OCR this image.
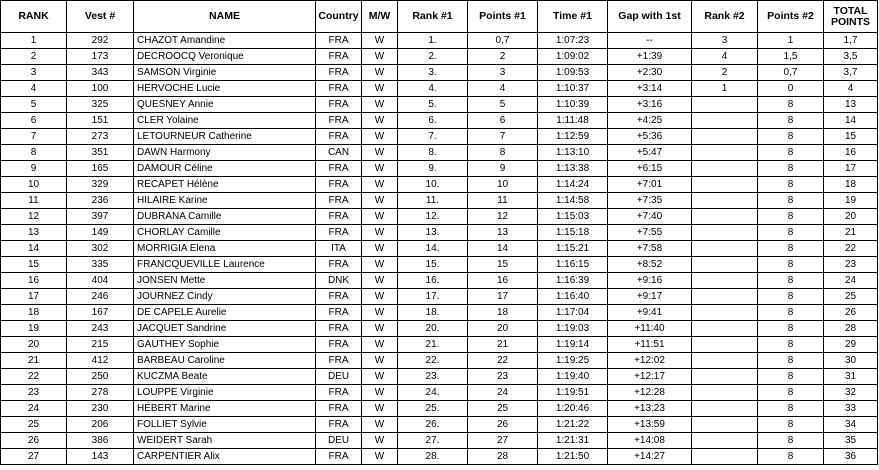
RANK	Vest #	NAME	Country	M/W	Rank #1	Points #1	Time #1	Gap with 1st	Rank #2	Points #2	TOTAL
POINTS
1	292	CHAZOT Amandine	FRA	W	1.	0,7	1:07:23	--	3	1	1,7
2	173	DECROOCQ Veronique	FRA	W	2.	2	1:09:02	+1:39	4	1,5	3,5
3	343	SAMSON Virginie	FRA	W	3.	3	1:09:53	+2:30	2	0,7	3,7
4	100	HERVOCHE Lucie	FRA	W	4.	4	1:10:37	+3:14	1	0	4
5	325	QUESNEY Annie	FRA	W	5.	5	1:10:39	+3:16		8	13
6	151	CLER Yolaine	FRA	W	6.	6	1:11:48	+4:25		8	14
7	273	LETOURNEUR Catherine	FRA	W	7.	7	1:12:59	+5:36		8	15
8	351	DAWN Harmony	CAN	W	8.	8	1:13:10	+5:47		8	16
9	165	DAMOUR Céline	FRA	W	9.	9	1:13:38	+6:15		8	17
10	329	RECAPET Hélène	FRA	W	10.	10	1:14:24	+7:01		8	18
11	236	HILAIRE Karine	FRA	W	11.	11	1:14:58	+7:35		8	19
12	397	DUBRANA Camille	FRA	W	12.	12	1:15:03	+7:40		8	20
13	149	CHORLAY Camille	FRA	W	13.	13	1:15:18	+7:55		8	21
14	302	MORRIGIA Elena	ITA	W	14.	14	1:15:21	+7:58		8	22
15	335	FRANCQUEVILLE Laurence	FRA	W	15.	15	1:16:15	+8:52		8	23
16	404	JONSEN Mette	DNK	W	16.	16	1:16:39	+9:16		8	24
17	246	JOURNEZ Cindy	FRA	W	17.	17	1:16:40	+9:17		8	25
18	167	DE CAPELE Aurelie	FRA	W	18.	18	1:17:04	+9:41		8	26
19	243	JACQUET Sandrine	FRA	W	20.	20	1:19:03	+11:40		8	28
20	215	GAUTHEY Sophie	FRA	W	21.	21	1:19:14	+11:51		8	29
21	412	BARBEAU Caroline	FRA	W	22.	22	1:19:25	+12:02		8	30
22	250	KUCZMA Beate	DEU	W	23.	23	1:19:40	+12:17		8	31
23	278	LOUPPE Virginie	FRA	W	24.	24	1:19:51	+12:28		8	32
24	230	HÉBERT Marine	FRA	W	25.	25	1:20:46	+13:23		8	33
25	206	FOLLIET Sylvie	FRA	W	26.	26	1:21:22	+13:59		8	34
26	386	WEIDERT Sarah	DEU	W	27.	27	1:21:31	+14:08		8	35
27	143	CARPENTIER Alix	FRA	W	28.	28	1:21:50	+14:27		8	36
